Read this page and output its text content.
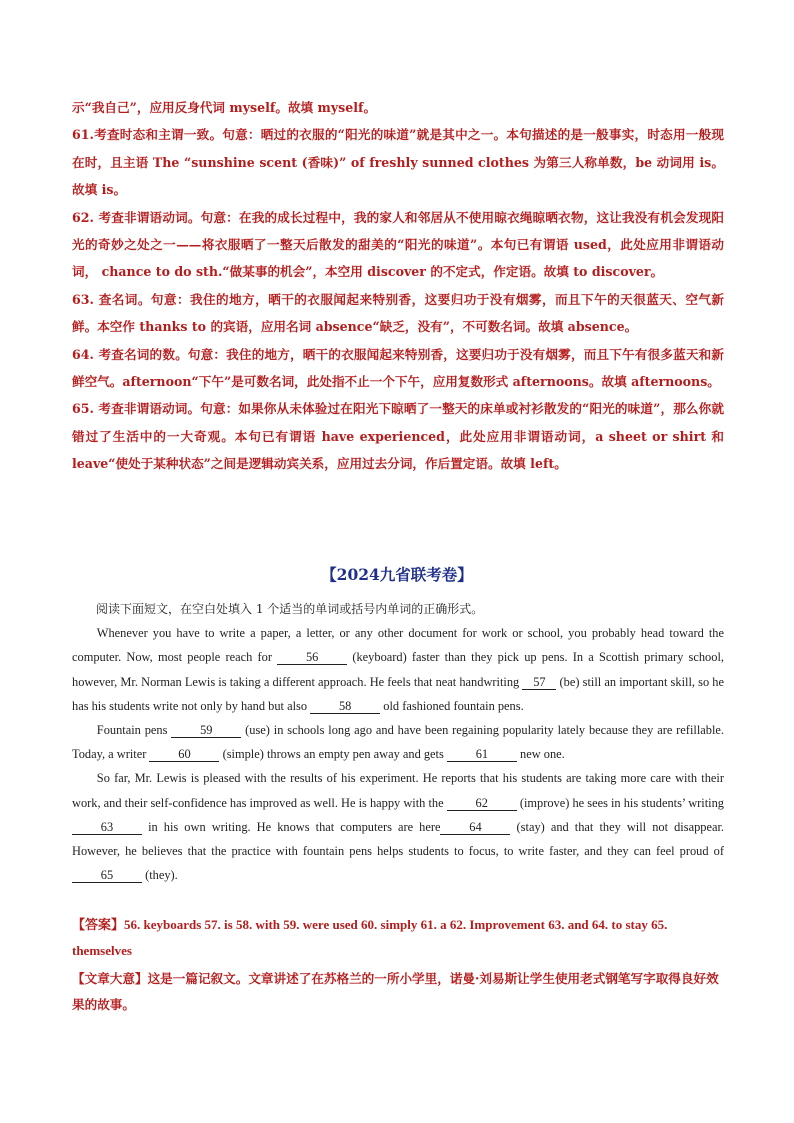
示“我自己”，应用反身代词 myself。故填 myself。

61.考查时态和主谓一致。句意：晒过的衣服的“阳光的味道”就是其中之一。本句描述的是一般事实，时态用一般现在时，且主语 The “sunshine scent (香味)” of freshly sunned clothes 为第三人称单数，be 动词用 is。故填 is。

62. 考查非谓语动词。句意：在我的成长过程中，我的家人和邻居从不使用晾衣绳晾晒衣物，这让我没有机会发现阳光的奇妙之处之一——将衣服晒了一整天后散发的甜美的“阳光的味道”。本句已有谓语 used，此处应用非谓语动词， chance to do sth.“做某事的机会”，本空用 discover 的不定式，作定语。故填 to discover。

63. 查名词。句意：我住的地方，晒干的衣服闻起来特别香，这要归功于没有烟雾，而且下午的天很蓝天、空气新鲜。本空作 thanks to 的宾语，应用名词 absence“缺乏，没有”，不可数名词。故填 absence。

64. 考查名词的数。句意：我住的地方，晒干的衣服闻起来特别香，这要归功于没有烟雾，而且下午有很多蓝天和新鲜空气。afternoon“下午”是可数名词，此处指不止一个下午，应用复数形式 afternoons。故填 afternoons。

65. 考查非谓语动词。句意：如果你从未体验过在阳光下晾晒了一整天的床单或衬衫散发的“阳光的味道”，那么你就错过了生活中的一大奇观。本句已有谓语 have experienced，此处应用非谓语动词，a sheet or shirt 和 leave“使处于某种状态”之间是逻辑动宾关系，应用过去分词，作后置定语。故填 left。

【2024九省联考卷】

阅读下面短文，在空白处填入 1 个适当的单词或括号内单词的正确形式。

Whenever you have to write a paper, a letter, or any other document for work or school, you probably head toward the computer. Now, most people reach for 56 (keyboard) faster than they pick up pens. In a Scottish primary school, however, Mr. Norman Lewis is taking a different approach. He feels that neat handwriting 57 (be) still an important skill, so he has his students write not only by hand but also 58 old fashioned fountain pens.

Fountain pens 59 (use) in schools long ago and have been regaining popularity lately because they are refillable. Today, a writer 60 (simple) throws an empty pen away and gets 61 new one.

So far, Mr. Lewis is pleased with the results of his experiment. He reports that his students are taking more care with their work, and their self-confidence has improved as well. He is happy with the 62 (improve) he sees in his students’ writing 63 in his own writing. He knows that computers are here 64 (stay) and that they will not disappear. However, he believes that the practice with fountain pens helps students to focus, to write faster, and they can feel proud of 65 (they).

【答案】56. keyboards 57. is 58. with 59. were used 60. simply 61. a 62. Improvement 63. and 64. to stay 65. themselves

【文章大意】这是一篇记叙文。文章讲述了在苏格兰的一所小学里，诺曼·刘易斯让学生使用老式钢笔写字取得良好效果的故事。
